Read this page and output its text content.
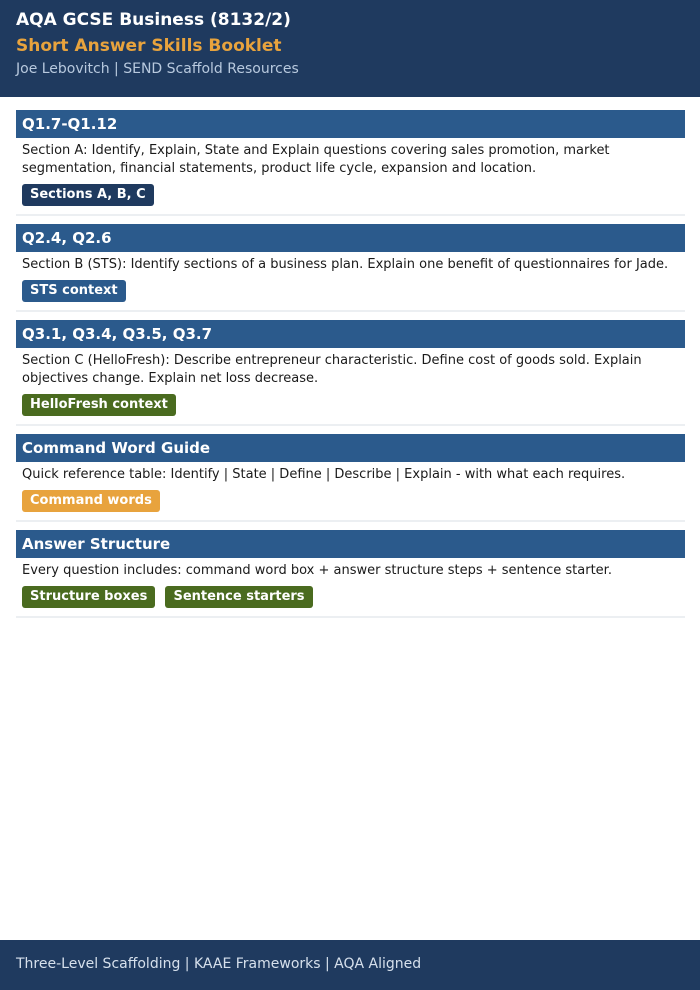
AQA GCSE Business (8132/2)
Short Answer Skills Booklet
Joe Lebovitch | SEND Scaffold Resources
Q1.7-Q1.12
Section A: Identify, Explain, State and Explain questions covering sales promotion, market segmentation, financial statements, product life cycle, expansion and location.
Sections A, B, C
Q2.4, Q2.6
Section B (STS): Identify sections of a business plan. Explain one benefit of questionnaires for Jade.
STS context
Q3.1, Q3.4, Q3.5, Q3.7
Section C (HelloFresh): Describe entrepreneur characteristic. Define cost of goods sold. Explain objectives change. Explain net loss decrease.
HelloFresh context
Command Word Guide
Quick reference table: Identify | State | Define | Describe | Explain - with what each requires.
Command words
Answer Structure
Every question includes: command word box + answer structure steps + sentence starter.
Structure boxes Sentence starters
Three-Level Scaffolding | KAAE Frameworks | AQA Aligned
